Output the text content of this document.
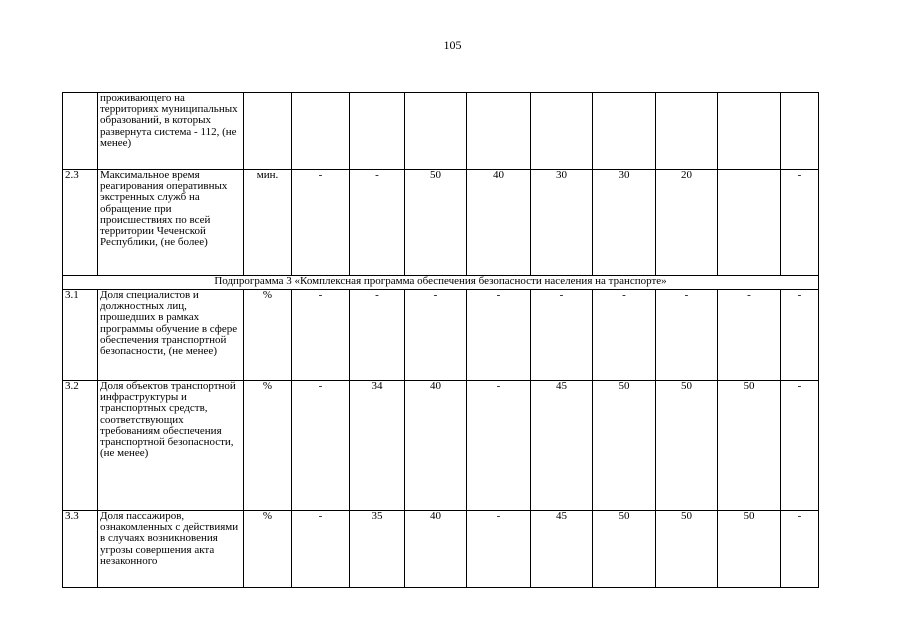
105
	проживающего на территориях муниципальных образований, в которых развернута система - 112, (не менее)										
2.3	Максимальное время реагирования оперативных экстренных служб на обращение при происшествиях по всей территории Чеченской Республики, (не более)	мин.	-	-	50	40	30	30	20		-
Подпрограмма 3 «Комплексная программа обеспечения безопасности населения на транспорте»											
3.1	Доля специалистов и должностных лиц, прошедших в рамках программы обучение в сфере обеспечения транспортной безопасности, (не менее)	%	-	-	-	-	-	-	-	-	-
3.2	Доля объектов транспортной инфраструктуры и транспортных средств, соответствующих требованиям обеспечения транспортной безопасности, (не менее)	%	-	34	40	-	45	50	50	50	-
3.3	Доля пассажиров, ознакомленных с действиями в случаях возникновения угрозы совершения акта незаконного	%	-	35	40	-	45	50	50	50	-
